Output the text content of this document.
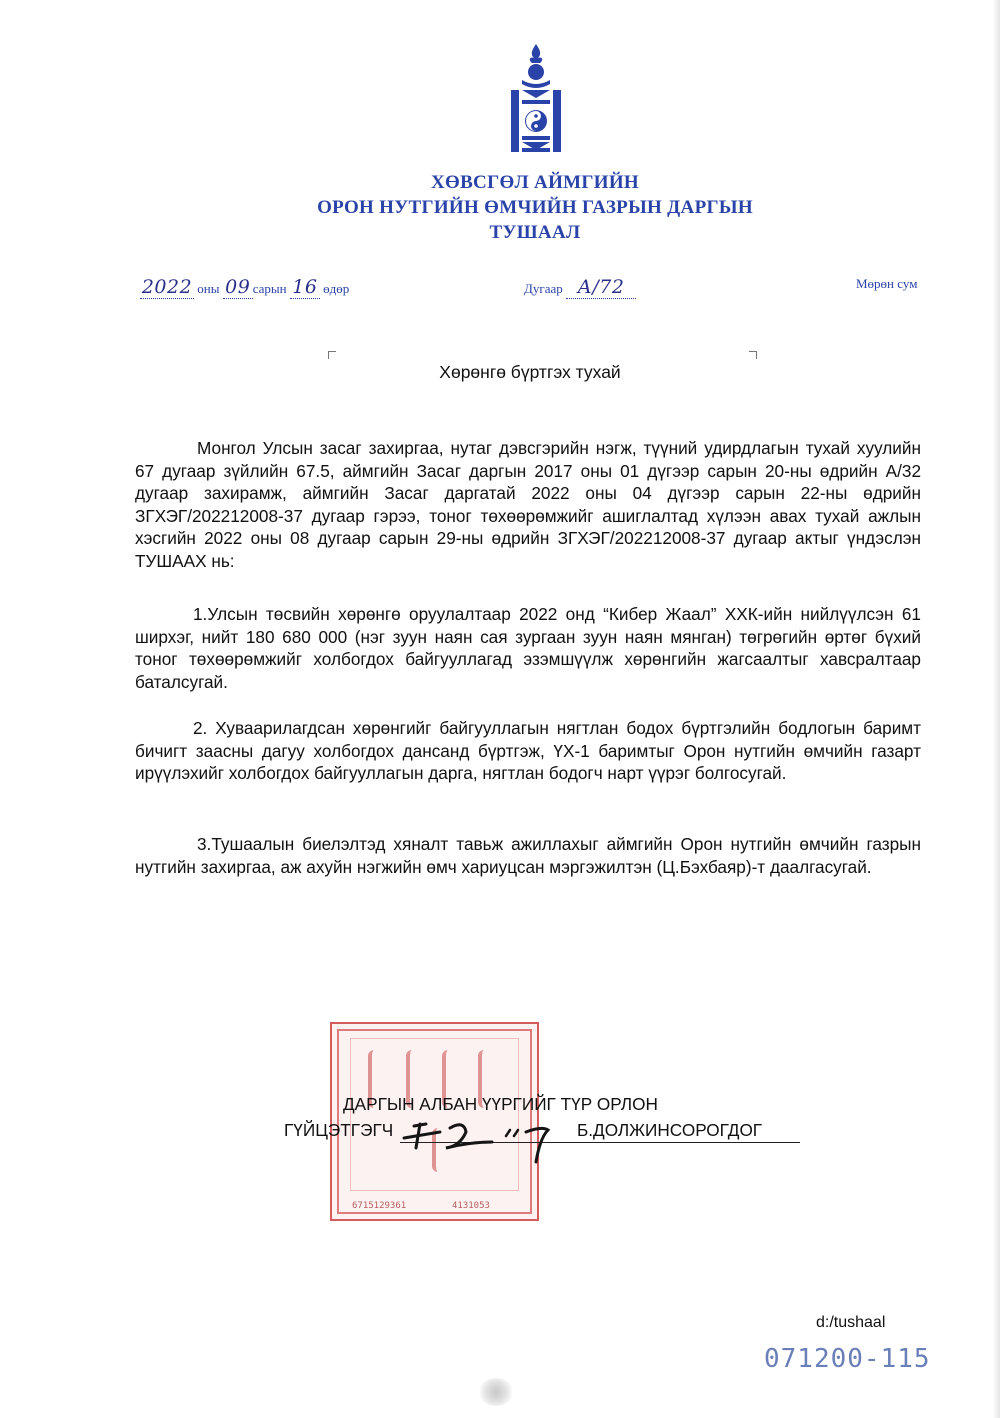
ХӨВСГӨЛ АЙМГИЙН
ОРОН НУТГИЙН ӨМЧИЙН ГАЗРЫН ДАРГЫН
ТУШААЛ
2022 оны 09 сарын 16 өдөр	Дугаар А/72	Мөрөн сум
Хөрөнгө бүртгэх тухай

Монгол Улсын засаг захиргаа, нутаг дэвсгэрийн нэгж, түүний удирдлагын тухай хуулийн 67 дугаар зүйлийн 67.5, аймгийн Засаг даргын 2017 оны 01 дүгээр сарын 20-ны өдрийн А/32 дугаар захирамж, аймгийн Засаг даргатай 2022 оны 04 дүгээр сарын 22-ны өдрийн ЗГХЭГ/202212008-37 дугаар гэрээ, тоног төхөөрөмжийг ашиглалтад хүлээн авах тухай ажлын хэсгийн 2022 оны 08 дугаар сарын 29-ны өдрийн ЗГХЭГ/202212008-37 дугаар актыг үндэслэн ТУШААХ нь:

1.Улсын төсвийн хөрөнгө оруулалтаар 2022 онд “Кибер Жаал” ХХК-ийн нийлүүлсэн 61 ширхэг, нийт 180 680 000 (нэг зуун наян сая зургаан зуун наян мянган) төгрөгийн өртөг бүхий тоног төхөөрөмжийг холбогдох байгууллагад эзэмшүүлж хөрөнгийн жагсаалтыг хавсралтаар баталсугай.

2. Хуваарилагдсан хөрөнгийг байгууллагын нягтлан бодох бүртгэлийн бодлогын баримт бичигт заасны дагуу холбогдох дансанд бүртгэж, ҮХ-1 баримтыг Орон нутгийн өмчийн газарт ирүүлэхийг холбогдох байгууллагын дарга, нягтлан бодогч нарт үүрэг болгосугай.

3.Тушаалын биелэлтэд хяналт тавьж ажиллахыг аймгийн Орон нутгийн өмчийн газрын нутгийн захиргаа, аж ахуйн нэгжийн өмч хариуцсан мэргэжилтэн (Ц.Бэхбаяр)-т даалгасугай.

6715129361	4131053
ДАРГЫН АЛБАН ҮҮРГИЙГ ТҮР ОРЛОН
ГҮЙЦЭТГЭГЧ	Б.ДОЛЖИНСОРОГДОГ
d:/tushaal
071200-115
